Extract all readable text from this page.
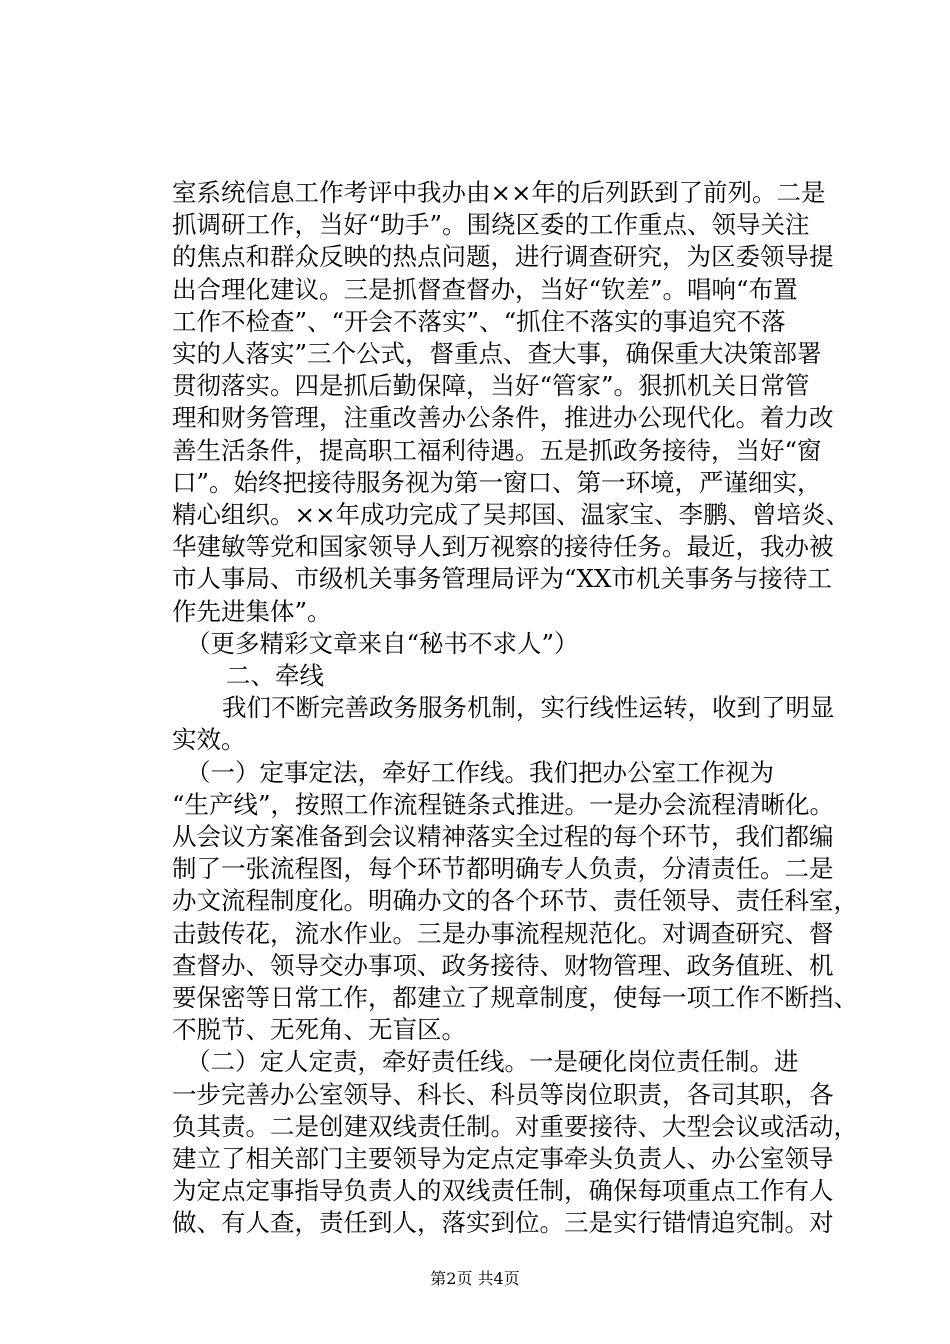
室系统信息工作考评中我办由××年的后列跃到了前列。二是
抓调研工作，当好“助手”。围绕区委的工作重点、领导关注
的焦点和群众反映的热点问题，进行调查研究，为区委领导提
出合理化建议。三是抓督查督办，当好“钦差”。唱响“布置
工作不检查”、“开会不落实”、“抓住不落实的事追究不落
实的人落实”三个公式，督重点、查大事，确保重大决策部署
贯彻落实。四是抓后勤保障，当好“管家”。狠抓机关日常管
理和财务管理，注重改善办公条件，推进办公现代化。着力改
善生活条件，提高职工福利待遇。五是抓政务接待，当好“窗
口”。始终把接待服务视为第一窗口、第一环境，严谨细实，
精心组织。××年成功完成了吴邦国、温家宝、李鹏、曾培炎、
华建敏等党和国家领导人到万视察的接待任务。最近，我办被
市人事局、市级机关事务管理局评为“XX市机关事务与接待工
作先进集体”。
（更多精彩文章来自“秘书不求人”）
二、牵线
我们不断完善政务服务机制，实行线性运转，收到了明显
实效。
（一）定事定法，牵好工作线。我们把办公室工作视为
“生产线”，按照工作流程链条式推进。一是办会流程清晰化。
从会议方案准备到会议精神落实全过程的每个环节，我们都编
制了一张流程图，每个环节都明确专人负责，分清责任。二是
办文流程制度化。明确办文的各个环节、责任领导、责任科室，
击鼓传花，流水作业。三是办事流程规范化。对调查研究、督
查督办、领导交办事项、政务接待、财物管理、政务值班、机
要保密等日常工作，都建立了规章制度，使每一项工作不断挡、
不脱节、无死角、无盲区。
（二）定人定责，牵好责任线。一是硬化岗位责任制。进
一步完善办公室领导、科长、科员等岗位职责，各司其职，各
负其责。二是创建双线责任制。对重要接待、大型会议或活动，
建立了相关部门主要领导为定点定事牵头负责人、办公室领导
为定点定事指导负责人的双线责任制，确保每项重点工作有人
做、有人查，责任到人，落实到位。三是实行错情追究制。对
第2页 共4页
